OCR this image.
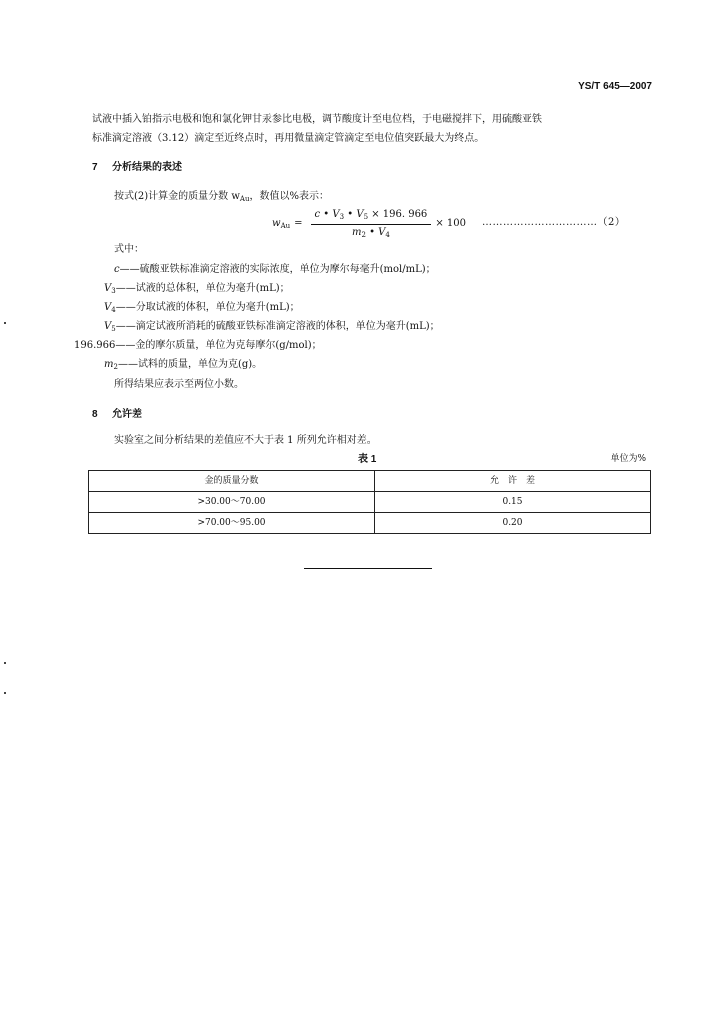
YS/T 645—2007
试液中插入铂指示电极和饱和氯化钾甘汞参比电极，调节酸度计至电位档，于电磁搅拌下，用硫酸亚铁
标准滴定溶液（3.12）滴定至近终点时，再用微量滴定管滴定至电位值突跃最大为终点。
7 分析结果的表述
按式(2)计算金的质量分数 $w_{Au}$，数值以%表示：
$w_{Au} = \frac{c • V_3 • V_5 \times 196. 966}{m_2 • V_4} \times 100$ ……………………………（2）
式中：
c——硫酸亚铁标准滴定溶液的实际浓度，单位为摩尔每毫升(mol/mL)；
$V_3——$试液的总体积，单位为毫升(mL)；
$V_4——$分取试液的体积，单位为毫升(mL)；
$V_5——$滴定试液所消耗的硫酸亚铁标准滴定溶液的体积，单位为毫升(mL)；
196.966——金的摩尔质量，单位为克每摩尔(g/mol)；
$m_2——$试料的质量，单位为克(g)。
所得结果应表示至两位小数。
8 允许差
实验室之间分析结果的差值应不大于表 1 所列允许相对差。
表 1	单位为%
金的质量分数	允　许　差
>30.00～70.00	0.15
>70.00～95.00	0.20
